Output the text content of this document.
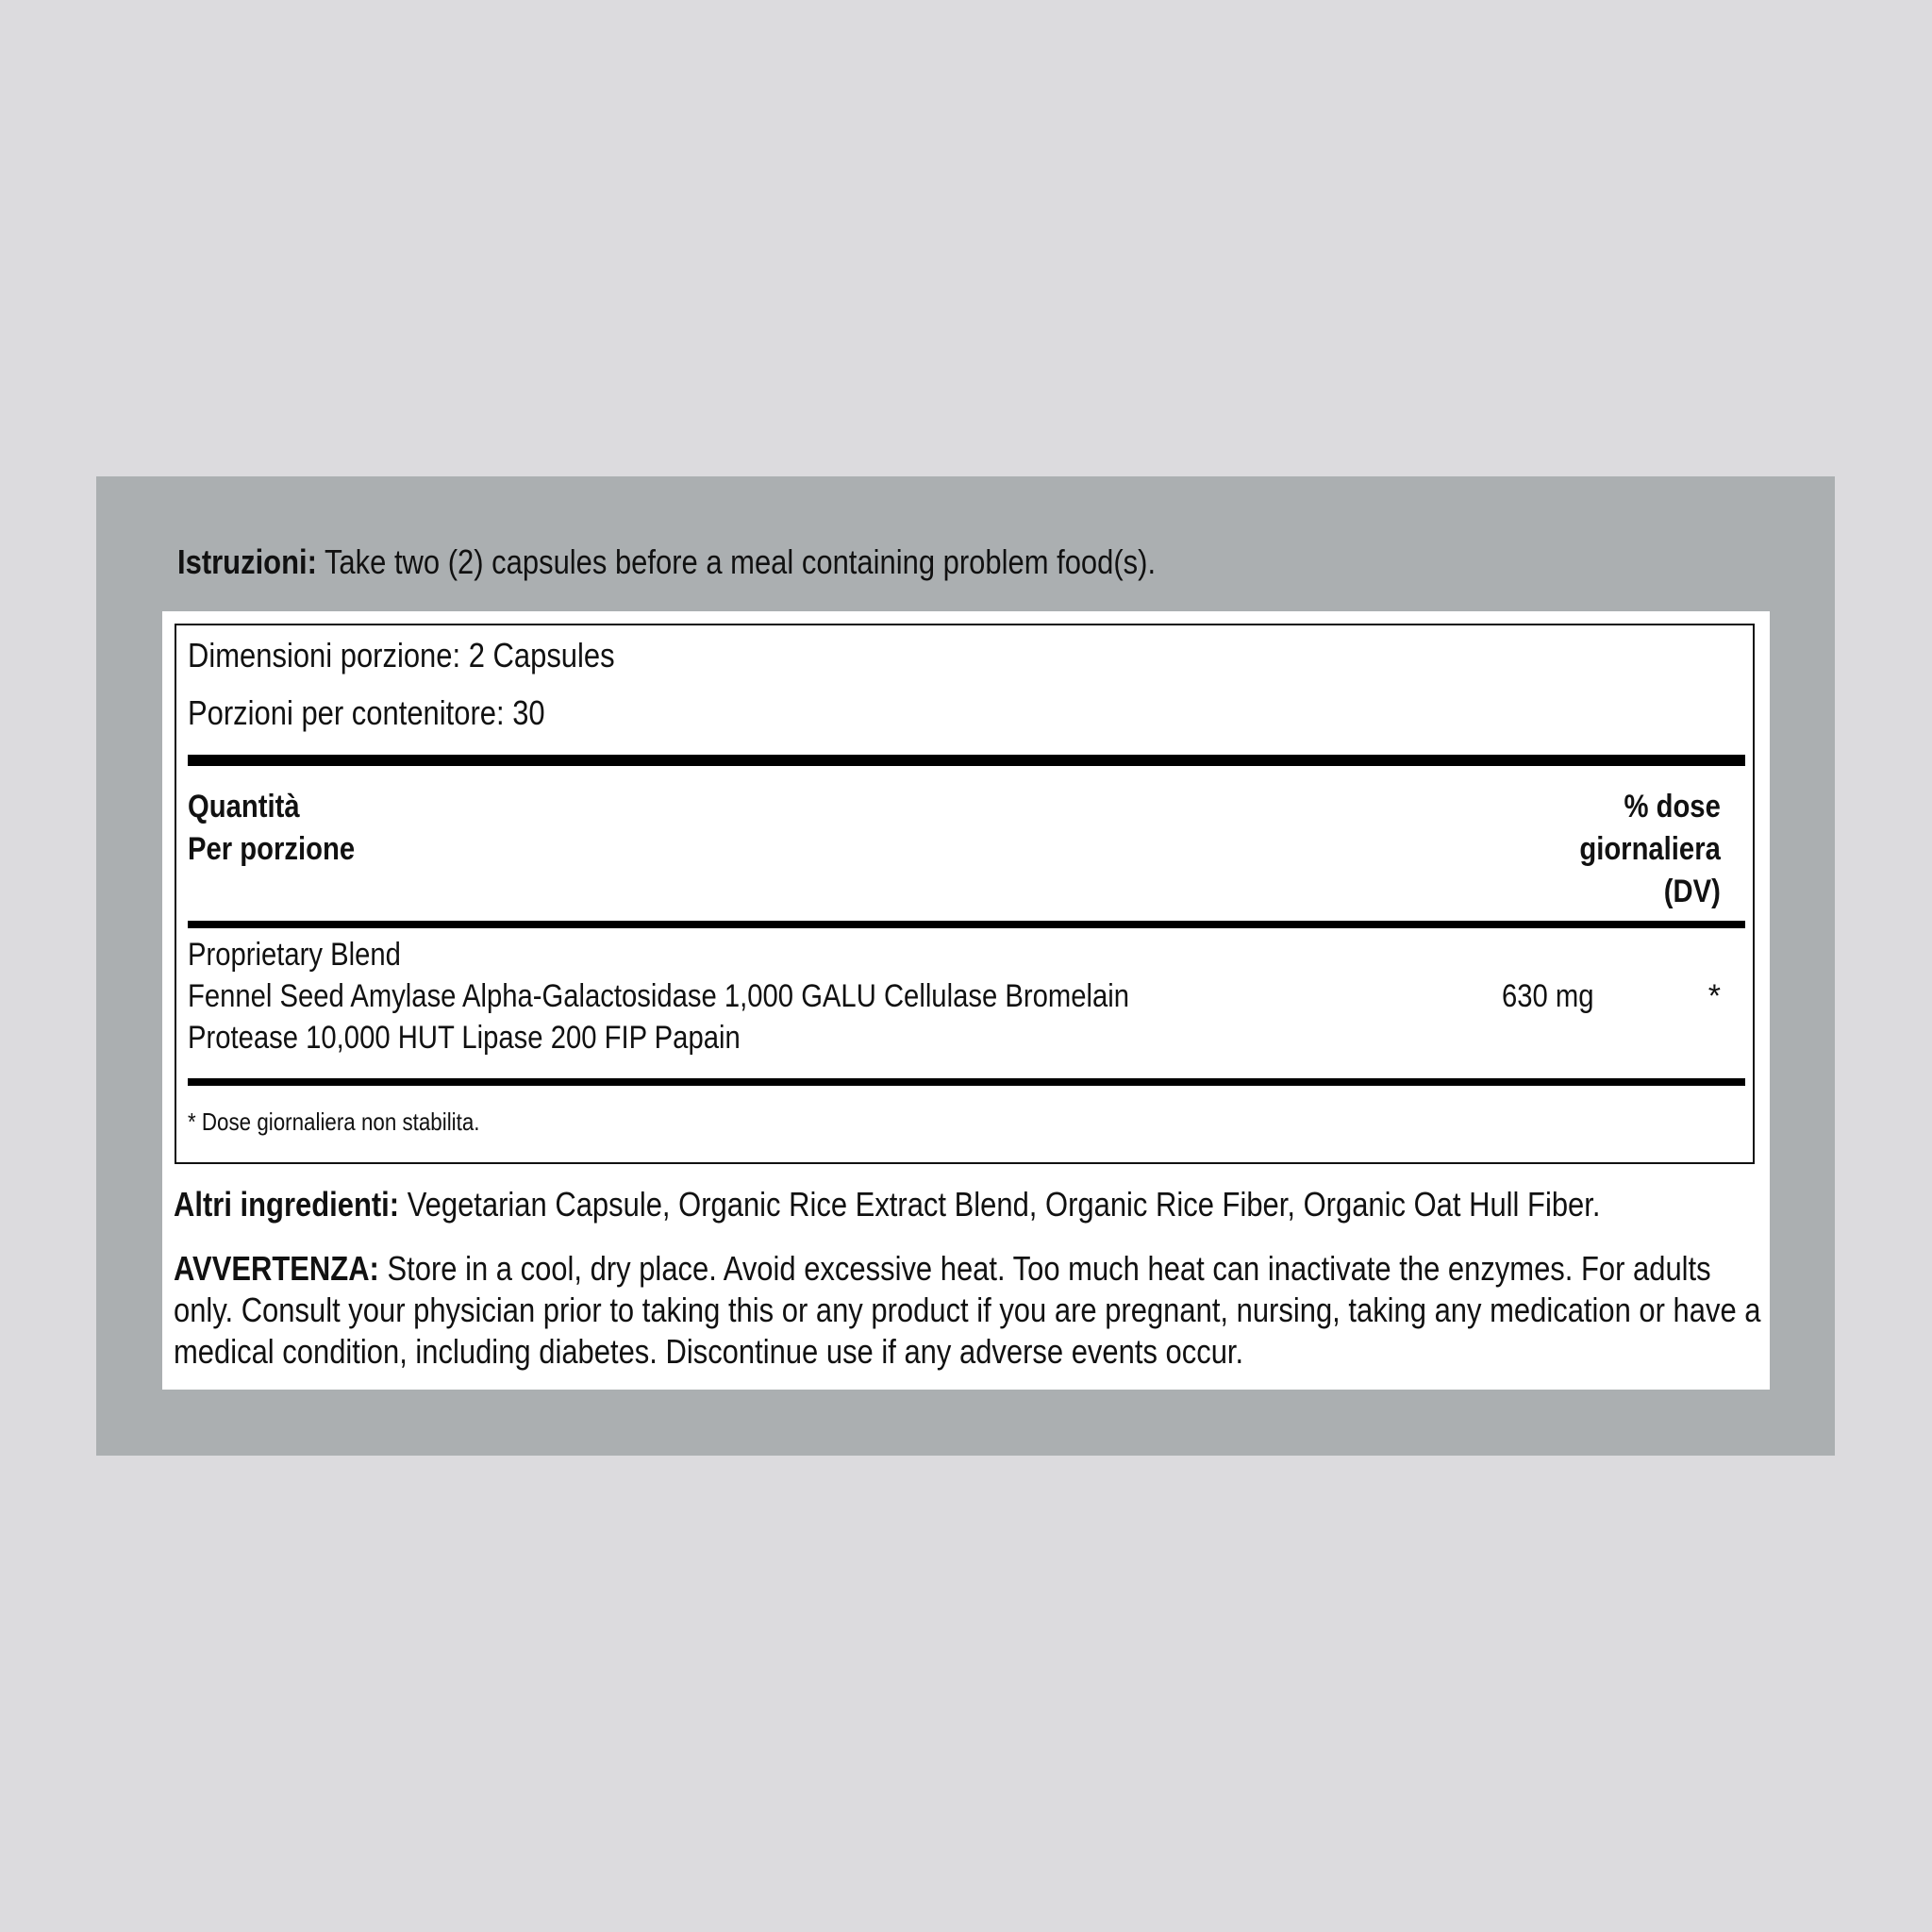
Istruzioni: Take two (2) capsules before a meal containing problem food(s).
Dimensioni porzione: 2 Capsules
Porzioni per contenitore: 30
Quantità
Per porzione
% dose
giornaliera
(DV)
Proprietary Blend
Fennel Seed Amylase Alpha-Galactosidase 1,000 GALU Cellulase Bromelain
Protease 10,000 HUT Lipase 200 FIP Papain
630 mg	*
* Dose giornaliera non stabilita.
Altri ingredienti: Vegetarian Capsule, Organic Rice Extract Blend, Organic Rice Fiber, Organic Oat Hull Fiber.
AVVERTENZA: Store in a cool, dry place. Avoid excessive heat. Too much heat can inactivate the enzymes. For adults only. Consult your physician prior to taking this or any product if you are pregnant, nursing, taking any medication or have a medical condition, including diabetes. Discontinue use if any adverse events occur.
